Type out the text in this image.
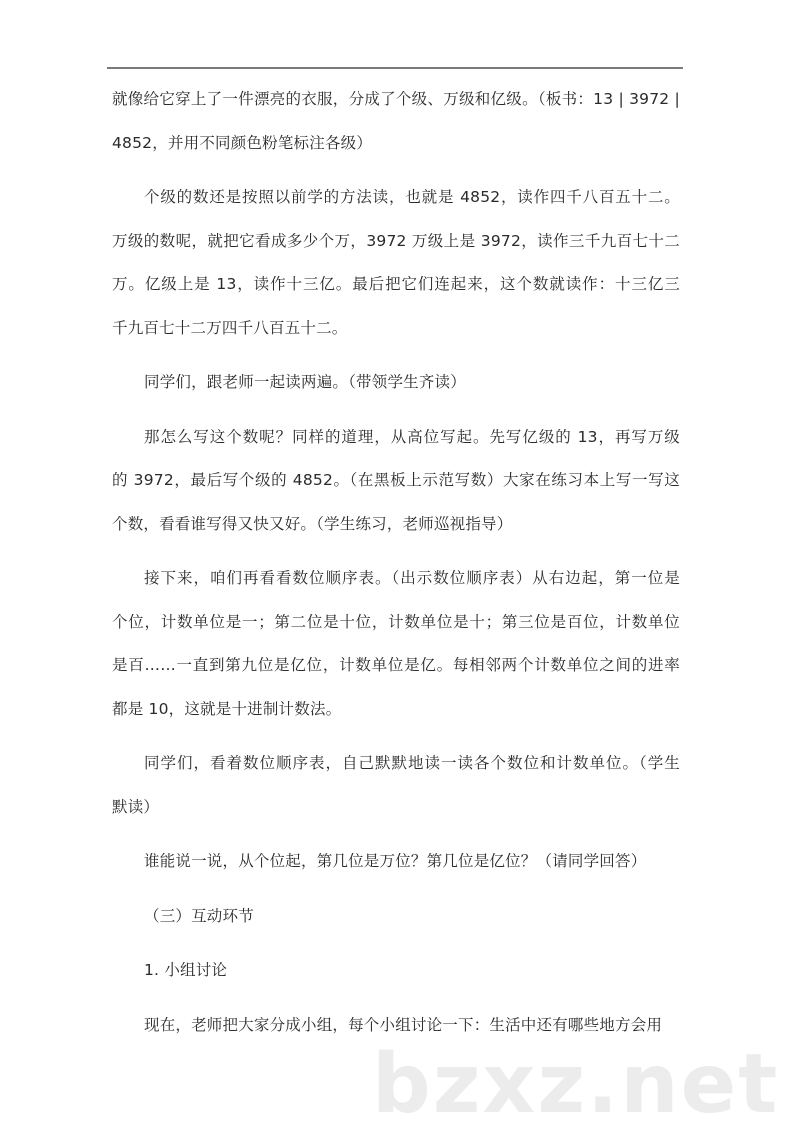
就像给它穿上了一件漂亮的衣服，分成了个级、万级和亿级。（板书：13 | 3972 |
4852，并用不同颜色粉笔标注各级）
个级的数还是按照以前学的方法读，也就是 4852，读作四千八百五十二。
万级的数呢，就把它看成多少个万，3972 万级上是 3972，读作三千九百七十二
万。亿级上是 13，读作十三亿。最后把它们连起来，这个数就读作：十三亿三
千九百七十二万四千八百五十二。
同学们，跟老师一起读两遍。（带领学生齐读）
那怎么写这个数呢？同样的道理，从高位写起。先写亿级的 13，再写万级
的 3972，最后写个级的 4852。（在黑板上示范写数）大家在练习本上写一写这
个数，看看谁写得又快又好。（学生练习，老师巡视指导）
接下来，咱们再看看数位顺序表。（出示数位顺序表）从右边起，第一位是
个位，计数单位是一；第二位是十位，计数单位是十；第三位是百位，计数单位
是百……一直到第九位是亿位，计数单位是亿。每相邻两个计数单位之间的进率
都是 10，这就是十进制计数法。
同学们，看着数位顺序表，自己默默地读一读各个数位和计数单位。（学生
默读）
谁能说一说，从个位起，第几位是万位？第几位是亿位？（请同学回答）
（三）互动环节
1. 小组讨论
现在，老师把大家分成小组，每个小组讨论一下：生活中还有哪些地方会用
bzxz.net
